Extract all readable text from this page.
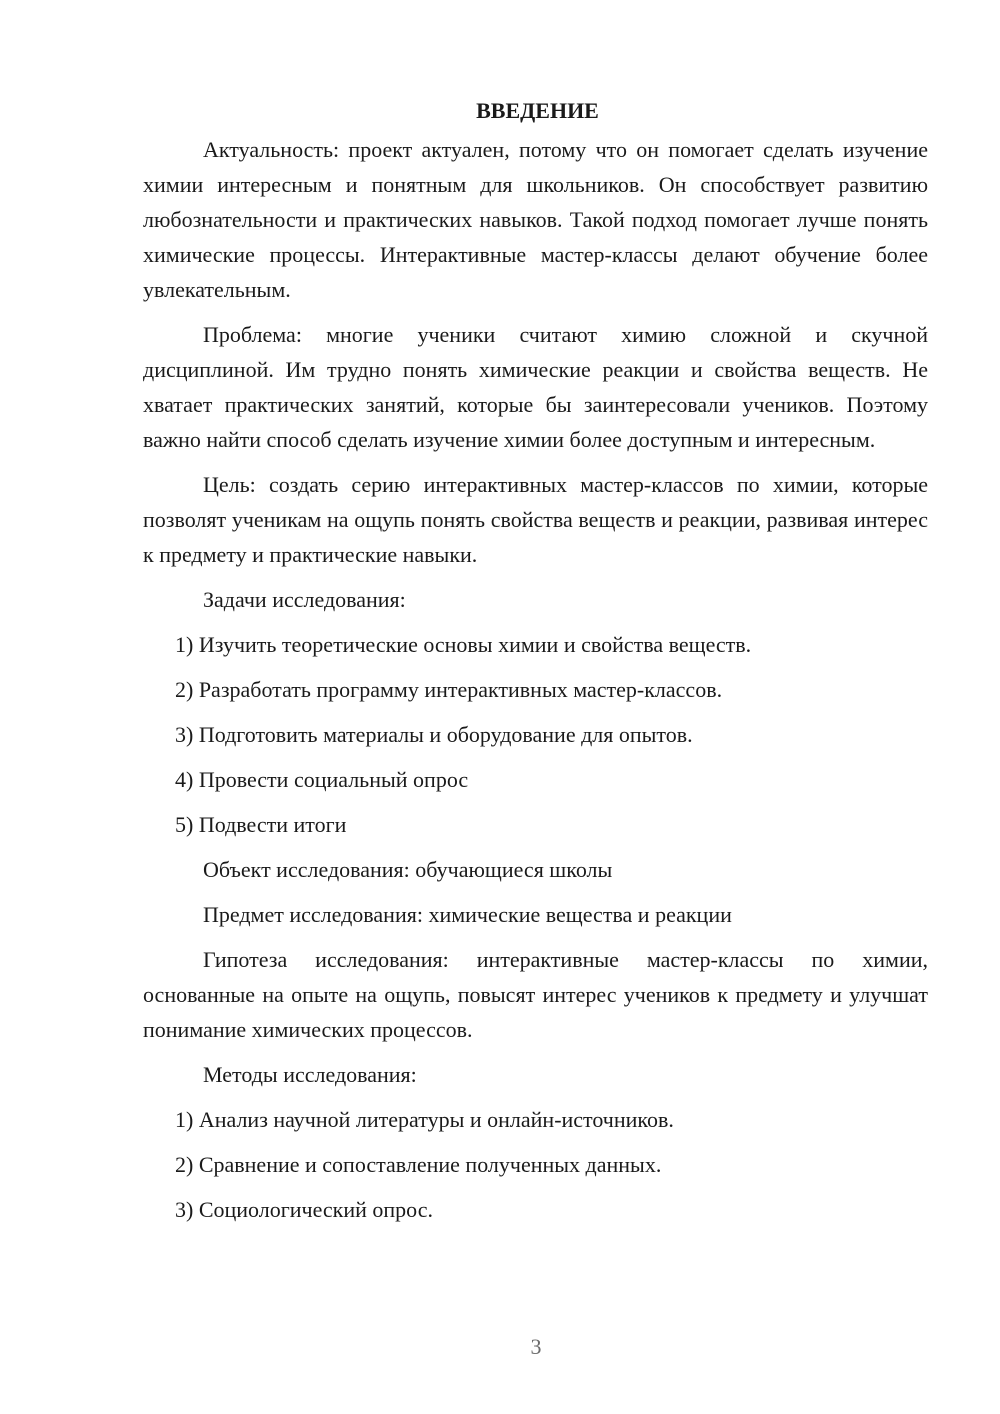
ВВЕДЕНИЕ

Актуальность: проект актуален, потому что он помогает сделать изучение химии интересным и понятным для школьников. Он способствует развитию любознательности и практических навыков. Такой подход помогает лучше понять химические процессы. Интерактивные мастер-классы делают обучение более увлекательным.

Проблема: многие ученики считают химию сложной и скучной дисциплиной. Им трудно понять химические реакции и свойства веществ. Не хватает практических занятий, которые бы заинтересовали учеников. Поэтому важно найти способ сделать изучение химии более доступным и интересным.

Цель: создать серию интерактивных мастер-классов по химии, которые позволят ученикам на ощупь понять свойства веществ и реакции, развивая интерес к предмету и практические навыки.

Задачи исследования:
1) Изучить теоретические основы химии и свойства веществ.
2) Разработать программу интерактивных мастер-классов.
3) Подготовить материалы и оборудование для опытов.
4) Провести социальный опрос
5) Подвести итоги
Объект исследования: обучающиеся школы
Предмет исследования: химические вещества и реакции

Гипотеза исследования: интерактивные мастер-классы по химии, основанные на опыте на ощупь, повысят интерес учеников к предмету и улучшат понимание химических процессов.

Методы исследования:
1) Анализ научной литературы и онлайн-источников.
2) Сравнение и сопоставление полученных данных.
3) Социологический опрос.
3
